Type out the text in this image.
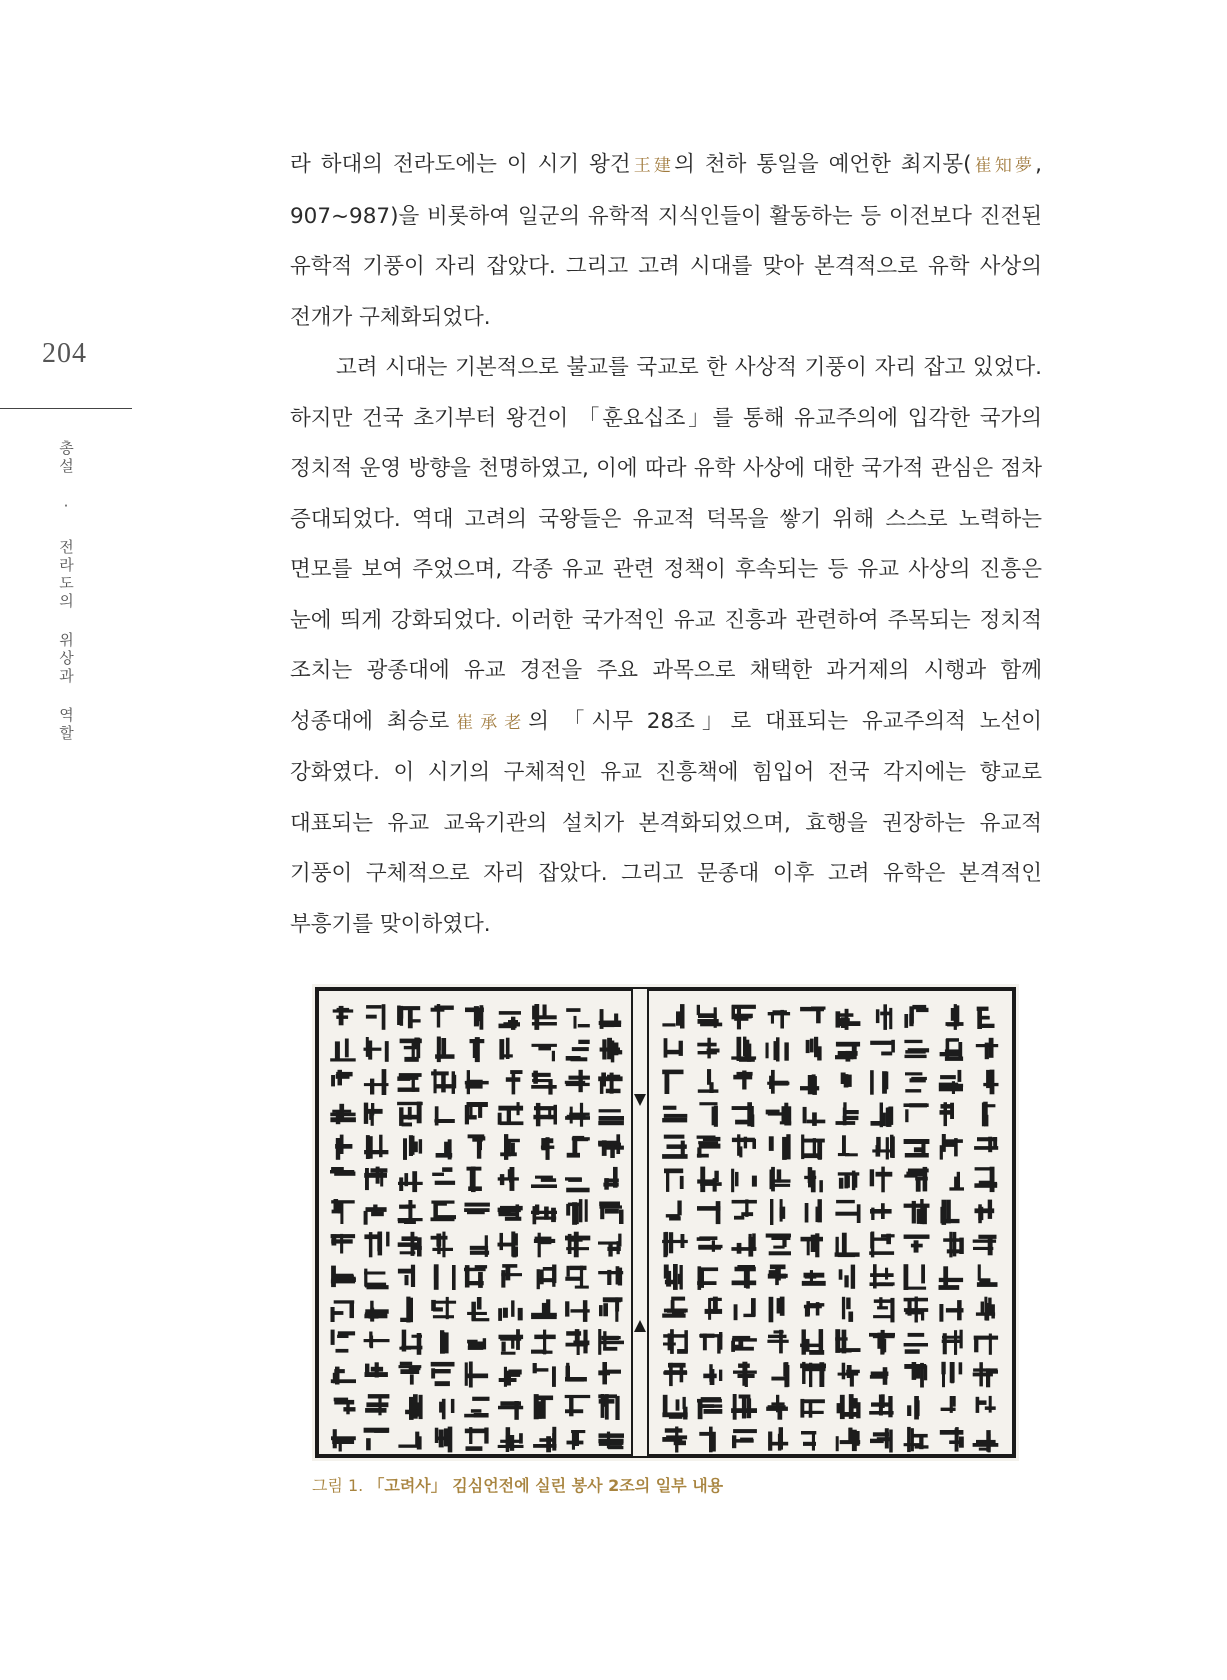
204
총설 · 전라도의 위상과 역할

라 하대의 전라도에는 이 시기 왕건王建의 천하 통일을 예언한 최지몽(崔知夢, 907~987)을 비롯하여 일군의 유학적 지식인들이 활동하는 등 이전보다 진전된 유학적 기풍이 자리 잡았다. 그리고 고려 시대를 맞아 본격적으로 유학 사상의 전개가 구체화되었다.

고려 시대는 기본적으로 불교를 국교로 한 사상적 기풍이 자리 잡고 있었다. 하지만 건국 초기부터 왕건이 「훈요십조」를 통해 유교주의에 입각한 국가의 정치적 운영 방향을 천명하였고, 이에 따라 유학 사상에 대한 국가적 관심은 점차 증대되었다. 역대 고려의 국왕들은 유교적 덕목을 쌓기 위해 스스로 노력하는 면모를 보여 주었으며, 각종 유교 관련 정책이 후속되는 등 유교 사상의 진흥은 눈에 띄게 강화되었다. 이러한 국가적인 유교 진흥과 관련하여 주목되는 정치적 조치는 광종대에 유교 경전을 주요 과목으로 채택한 과거제의 시행과 함께 성종대에 최승로崔承老의 「시무 28조」로 대표되는 유교주의적 노선이 강화였다. 이 시기의 구체적인 유교 진흥책에 힘입어 전국 각지에는 향교로 대표되는 유교 교육기관의 설치가 본격화되었으며, 효행을 권장하는 유교적 기풍이 구체적으로 자리 잡았다. 그리고 문종대 이후 고려 유학은 본격적인 부흥기를 맞이하였다.

그림 1. 「고려사」 김심언전에 실린 봉사 2조의 일부 내용
